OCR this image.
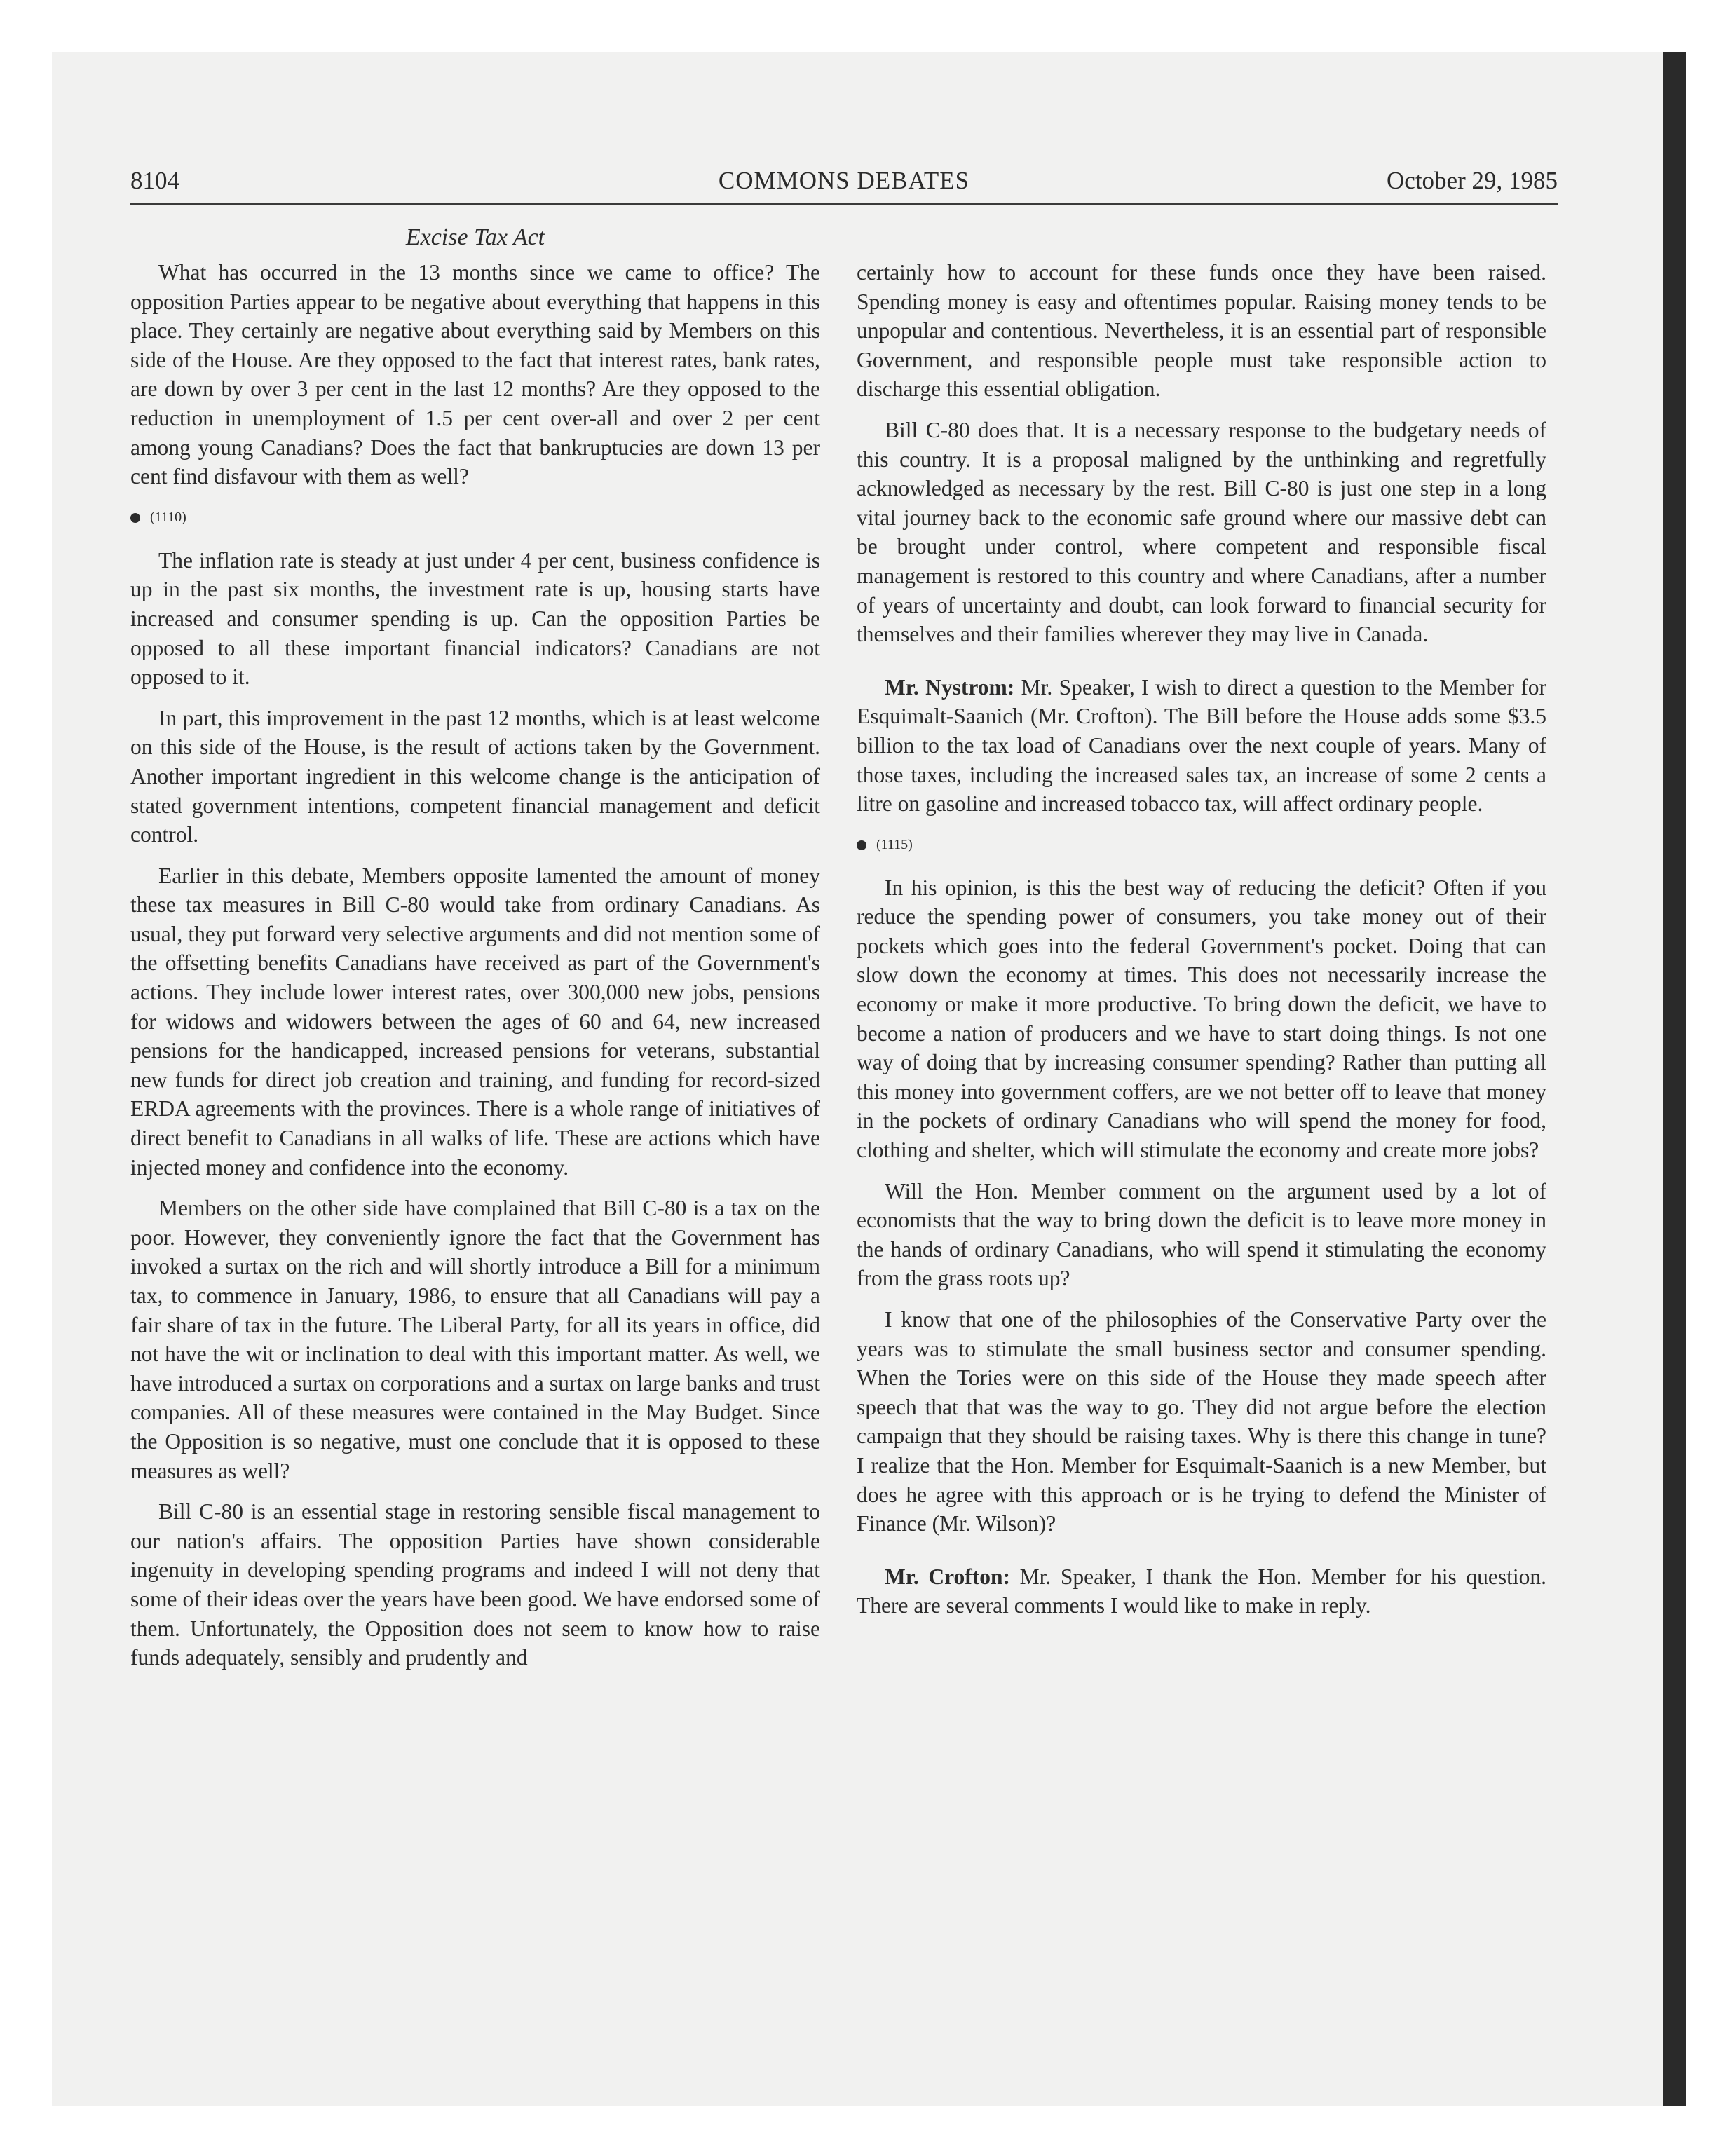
8104	COMMONS DEBATES	October 29, 1985
Excise Tax Act

What has occurred in the 13 months since we came to office? The opposition Parties appear to be negative about everything that happens in this place. They certainly are negative about everything said by Members on this side of the House. Are they opposed to the fact that interest rates, bank rates, are down by over 3 per cent in the last 12 months? Are they opposed to the reduction in unemployment of 1.5 per cent over-all and over 2 per cent among young Canadians? Does the fact that bankruptucies are down 13 per cent find disfavour with them as well?

(1110)

The inflation rate is steady at just under 4 per cent, business confidence is up in the past six months, the investment rate is up, housing starts have increased and consumer spending is up. Can the opposition Parties be opposed to all these important financial indicators? Canadians are not opposed to it.

In part, this improvement in the past 12 months, which is at least welcome on this side of the House, is the result of actions taken by the Government. Another important ingredient in this welcome change is the anticipation of stated government intentions, competent financial management and deficit control.

Earlier in this debate, Members opposite lamented the amount of money these tax measures in Bill C-80 would take from ordinary Canadians. As usual, they put forward very selective arguments and did not mention some of the offsetting benefits Canadians have received as part of the Government's actions. They include lower interest rates, over 300,000 new jobs, pensions for widows and widowers between the ages of 60 and 64, new increased pensions for the handicapped, increased pensions for veterans, substantial new funds for direct job creation and training, and funding for record-sized ERDA agreements with the provinces. There is a whole range of initiatives of direct benefit to Canadians in all walks of life. These are actions which have injected money and confidence into the economy.

Members on the other side have complained that Bill C-80 is a tax on the poor. However, they conveniently ignore the fact that the Government has invoked a surtax on the rich and will shortly introduce a Bill for a minimum tax, to commence in January, 1986, to ensure that all Canadians will pay a fair share of tax in the future. The Liberal Party, for all its years in office, did not have the wit or inclination to deal with this important matter. As well, we have introduced a surtax on corporations and a surtax on large banks and trust companies. All of these measures were contained in the May Budget. Since the Opposition is so negative, must one conclude that it is opposed to these measures as well?

Bill C-80 is an essential stage in restoring sensible fiscal management to our nation's affairs. The opposition Parties have shown considerable ingenuity in developing spending programs and indeed I will not deny that some of their ideas over the years have been good. We have endorsed some of them. Unfortunately, the Opposition does not seem to know how to raise funds adequately, sensibly and prudently and

certainly how to account for these funds once they have been raised. Spending money is easy and oftentimes popular. Raising money tends to be unpopular and contentious. Nevertheless, it is an essential part of responsible Government, and responsible people must take responsible action to discharge this essential obligation.

Bill C-80 does that. It is a necessary response to the budgetary needs of this country. It is a proposal maligned by the unthinking and regretfully acknowledged as necessary by the rest. Bill C-80 is just one step in a long vital journey back to the economic safe ground where our massive debt can be brought under control, where competent and responsible fiscal management is restored to this country and where Canadians, after a number of years of uncertainty and doubt, can look forward to financial security for themselves and their families wherever they may live in Canada.

Mr. Nystrom: Mr. Speaker, I wish to direct a question to the Member for Esquimalt-Saanich (Mr. Crofton). The Bill before the House adds some $3.5 billion to the tax load of Canadians over the next couple of years. Many of those taxes, including the increased sales tax, an increase of some 2 cents a litre on gasoline and increased tobacco tax, will affect ordinary people.

(1115)

In his opinion, is this the best way of reducing the deficit? Often if you reduce the spending power of consumers, you take money out of their pockets which goes into the federal Government's pocket. Doing that can slow down the economy at times. This does not necessarily increase the economy or make it more productive. To bring down the deficit, we have to become a nation of producers and we have to start doing things. Is not one way of doing that by increasing consumer spending? Rather than putting all this money into government coffers, are we not better off to leave that money in the pockets of ordinary Canadians who will spend the money for food, clothing and shelter, which will stimulate the economy and create more jobs?

Will the Hon. Member comment on the argument used by a lot of economists that the way to bring down the deficit is to leave more money in the hands of ordinary Canadians, who will spend it stimulating the economy from the grass roots up?

I know that one of the philosophies of the Conservative Party over the years was to stimulate the small business sector and consumer spending. When the Tories were on this side of the House they made speech after speech that that was the way to go. They did not argue before the election campaign that they should be raising taxes. Why is there this change in tune? I realize that the Hon. Member for Esquimalt-Saanich is a new Member, but does he agree with this approach or is he trying to defend the Minister of Finance (Mr. Wilson)?

Mr. Crofton: Mr. Speaker, I thank the Hon. Member for his question. There are several comments I would like to make in reply.
